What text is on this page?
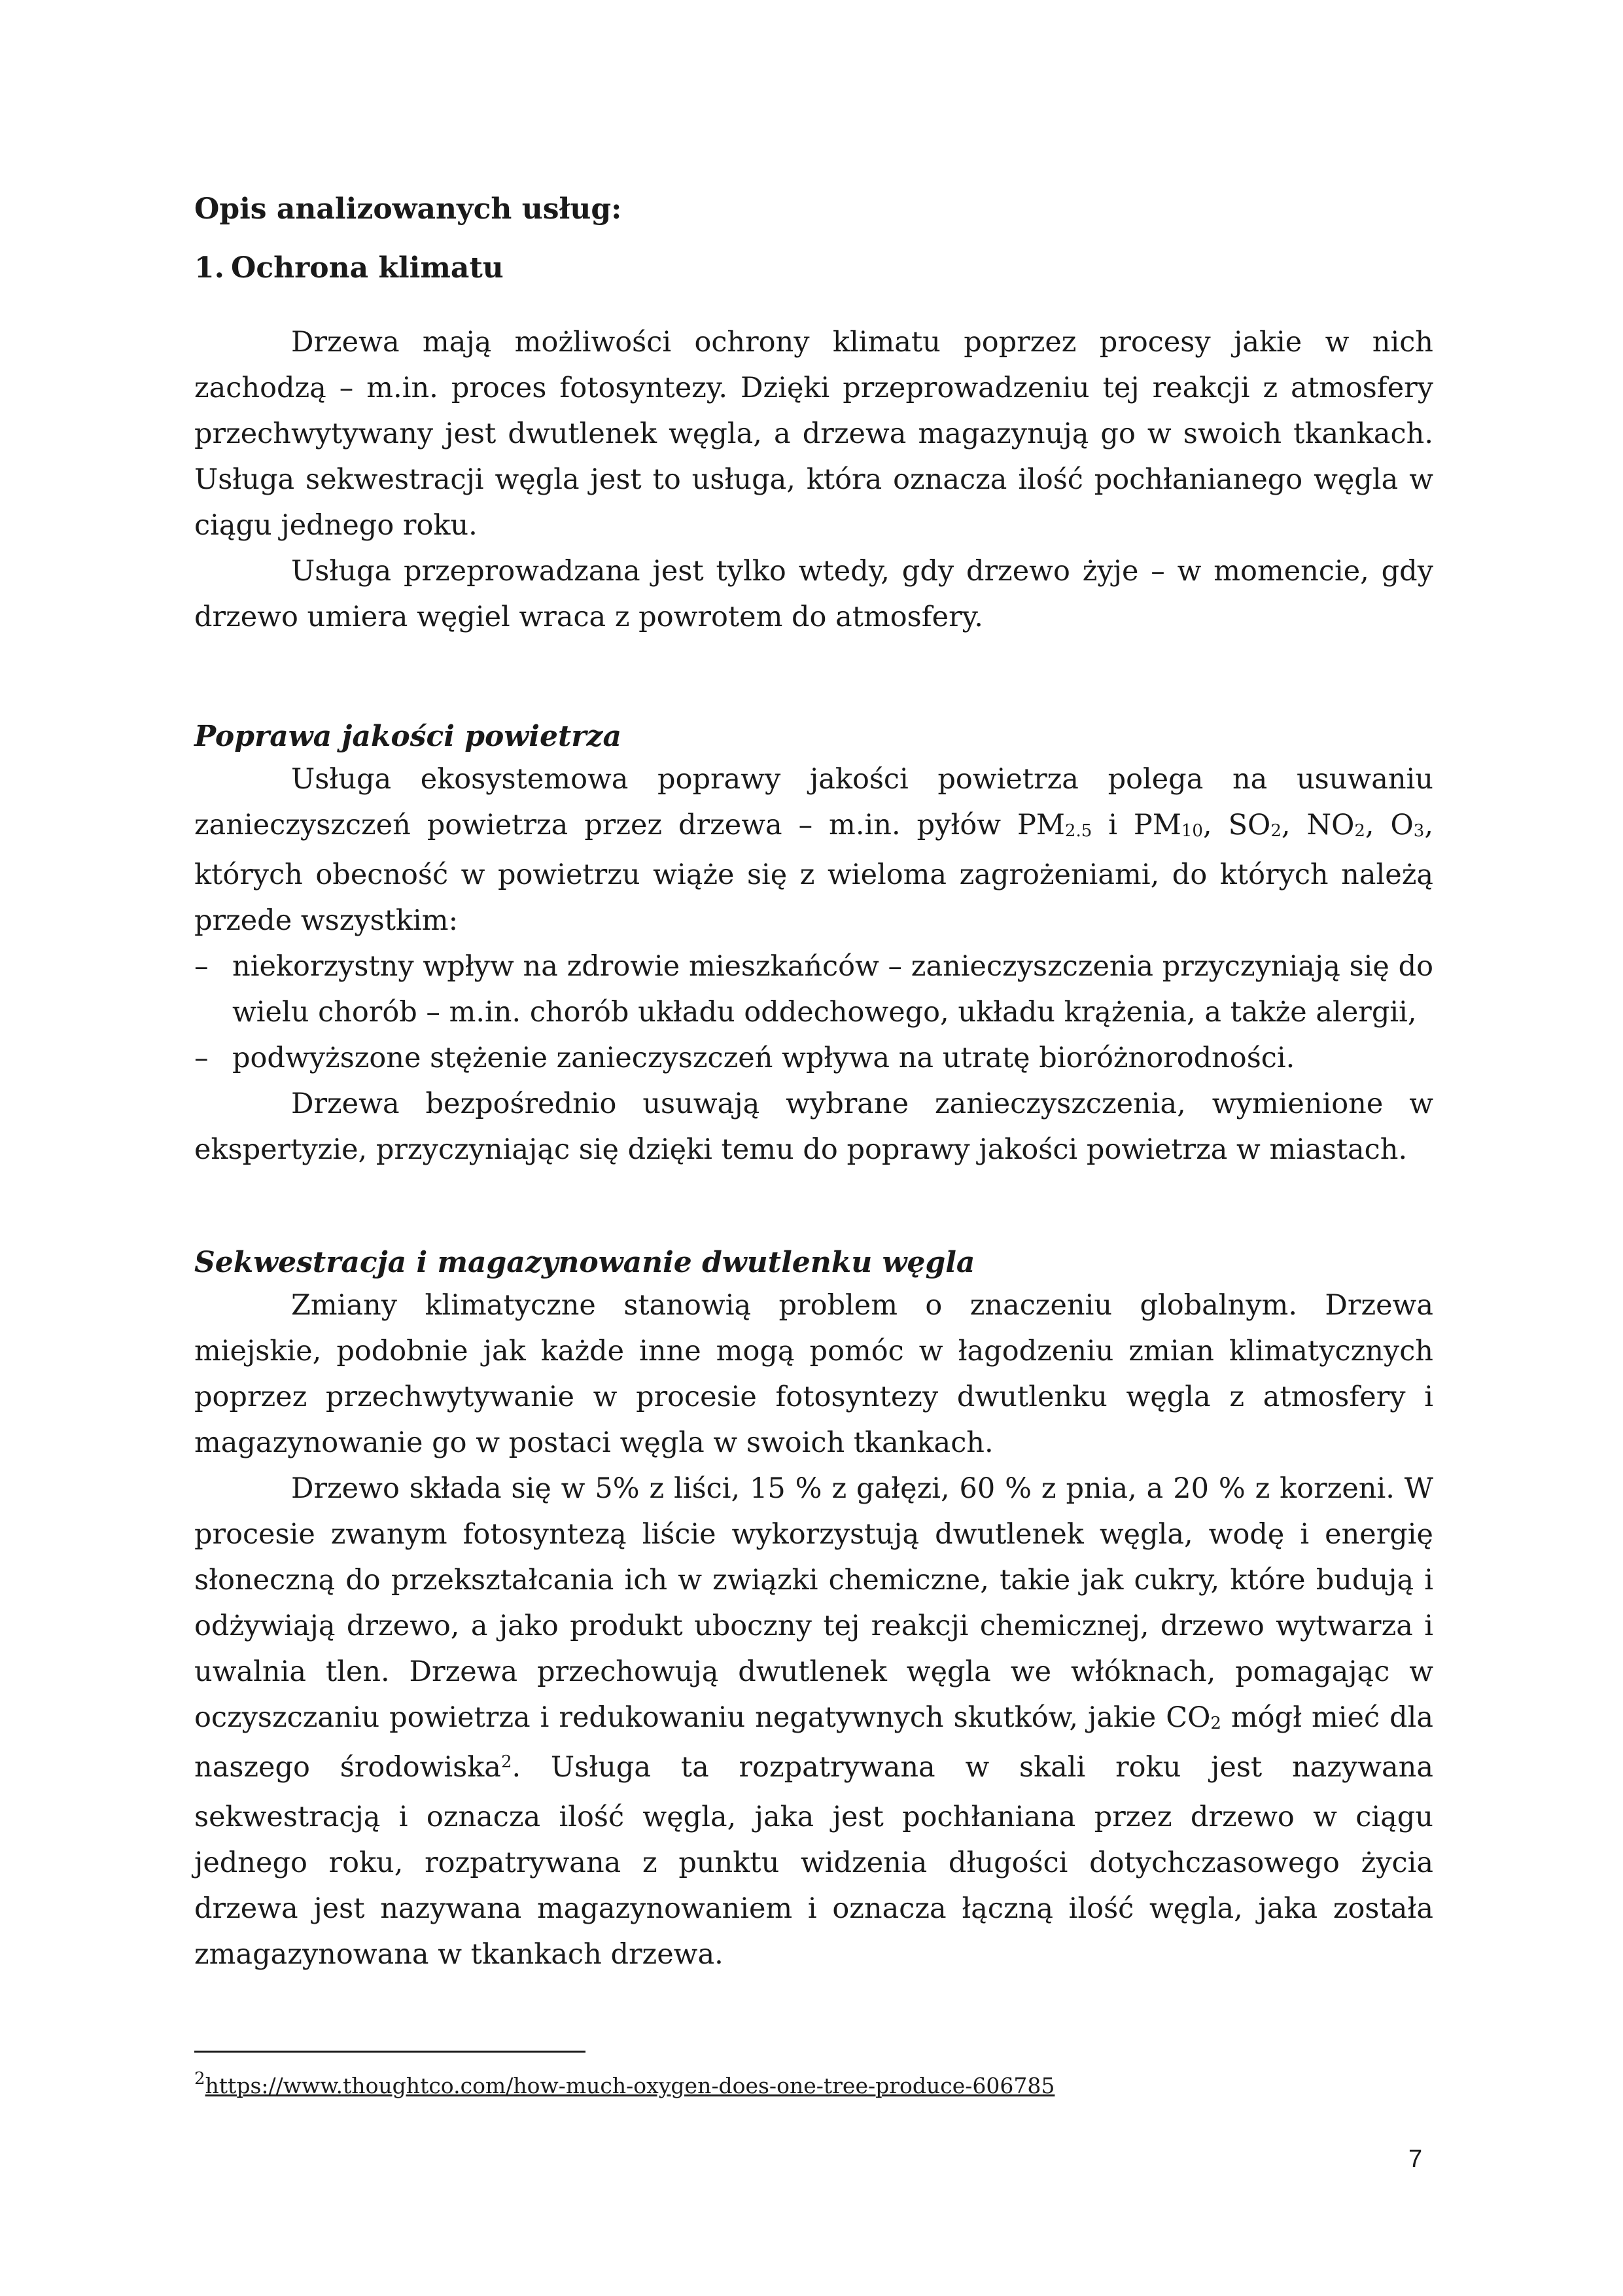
Opis analizowanych usług:
1. Ochrona klimatu

Drzewa mają możliwości ochrony klimatu poprzez procesy jakie w nich zachodzą – m.in. proces fotosyntezy. Dzięki przeprowadzeniu tej reakcji z atmosfery przechwytywany jest dwutlenek węgla, a drzewa magazynują go w swoich tkankach. Usługa sekwestracji węgla jest to usługa, która oznacza ilość pochłanianego węgla w ciągu jednego roku.

Usługa przeprowadzana jest tylko wtedy, gdy drzewo żyje – w momencie, gdy drzewo umiera węgiel wraca z powrotem do atmosfery.

Poprawa jakości powietrza

Usługa ekosystemowa poprawy jakości powietrza polega na usuwaniu zanieczyszczeń powietrza przez drzewa – m.in. pyłów $PM_{2.5}$ i $PM_{10}$, $SO_2$, $NO_2$, $O_3$, których obecność w powietrzu wiąże się z wieloma zagrożeniami, do których należą przede wszystkim:

– niekorzystny wpływ na zdrowie mieszkańców – zanieczyszczenia przyczyniają się do wielu chorób – m.in. chorób układu oddechowego, układu krążenia, a także alergii,
– podwyższone stężenie zanieczyszczeń wpływa na utratę bioróżnorodności.

Drzewa bezpośrednio usuwają wybrane zanieczyszczenia, wymienione w ekspertyzie, przyczyniając się dzięki temu do poprawy jakości powietrza w miastach.

Sekwestracja i magazynowanie dwutlenku węgla

Zmiany klimatyczne stanowią problem o znaczeniu globalnym. Drzewa miejskie, podobnie jak każde inne mogą pomóc w łagodzeniu zmian klimatycznych poprzez przechwytywanie w procesie fotosyntezy dwutlenku węgla z atmosfery i magazynowanie go w postaci węgla w swoich tkankach.

Drzewo składa się w 5% z liści, 15 % z gałęzi, 60 % z pnia, a 20 % z korzeni. W procesie zwanym fotosyntezą liście wykorzystują dwutlenek węgla, wodę i energię słoneczną do przekształcania ich w związki chemiczne, takie jak cukry, które budują i odżywiają drzewo, a jako produkt uboczny tej reakcji chemicznej, drzewo wytwarza i uwalnia tlen. Drzewa przechowują dwutlenek węgla we włóknach, pomagając w oczyszczaniu powietrza i redukowaniu negatywnych skutków, jakie $CO_2$ mógł mieć dla naszego środowiska$^2$. Usługa ta rozpatrywana w skali roku jest nazywana sekwestracją i oznacza ilość węgla, jaka jest pochłaniana przez drzewo w ciągu jednego roku, rozpatrywana z punktu widzenia długości dotychczasowego życia drzewa jest nazywana magazynowaniem i oznacza łączną ilość węgla, jaka została zmagazynowana w tkankach drzewa.

$^2$https://www.thoughtco.com/how-much-oxygen-does-one-tree-produce-606785
7
